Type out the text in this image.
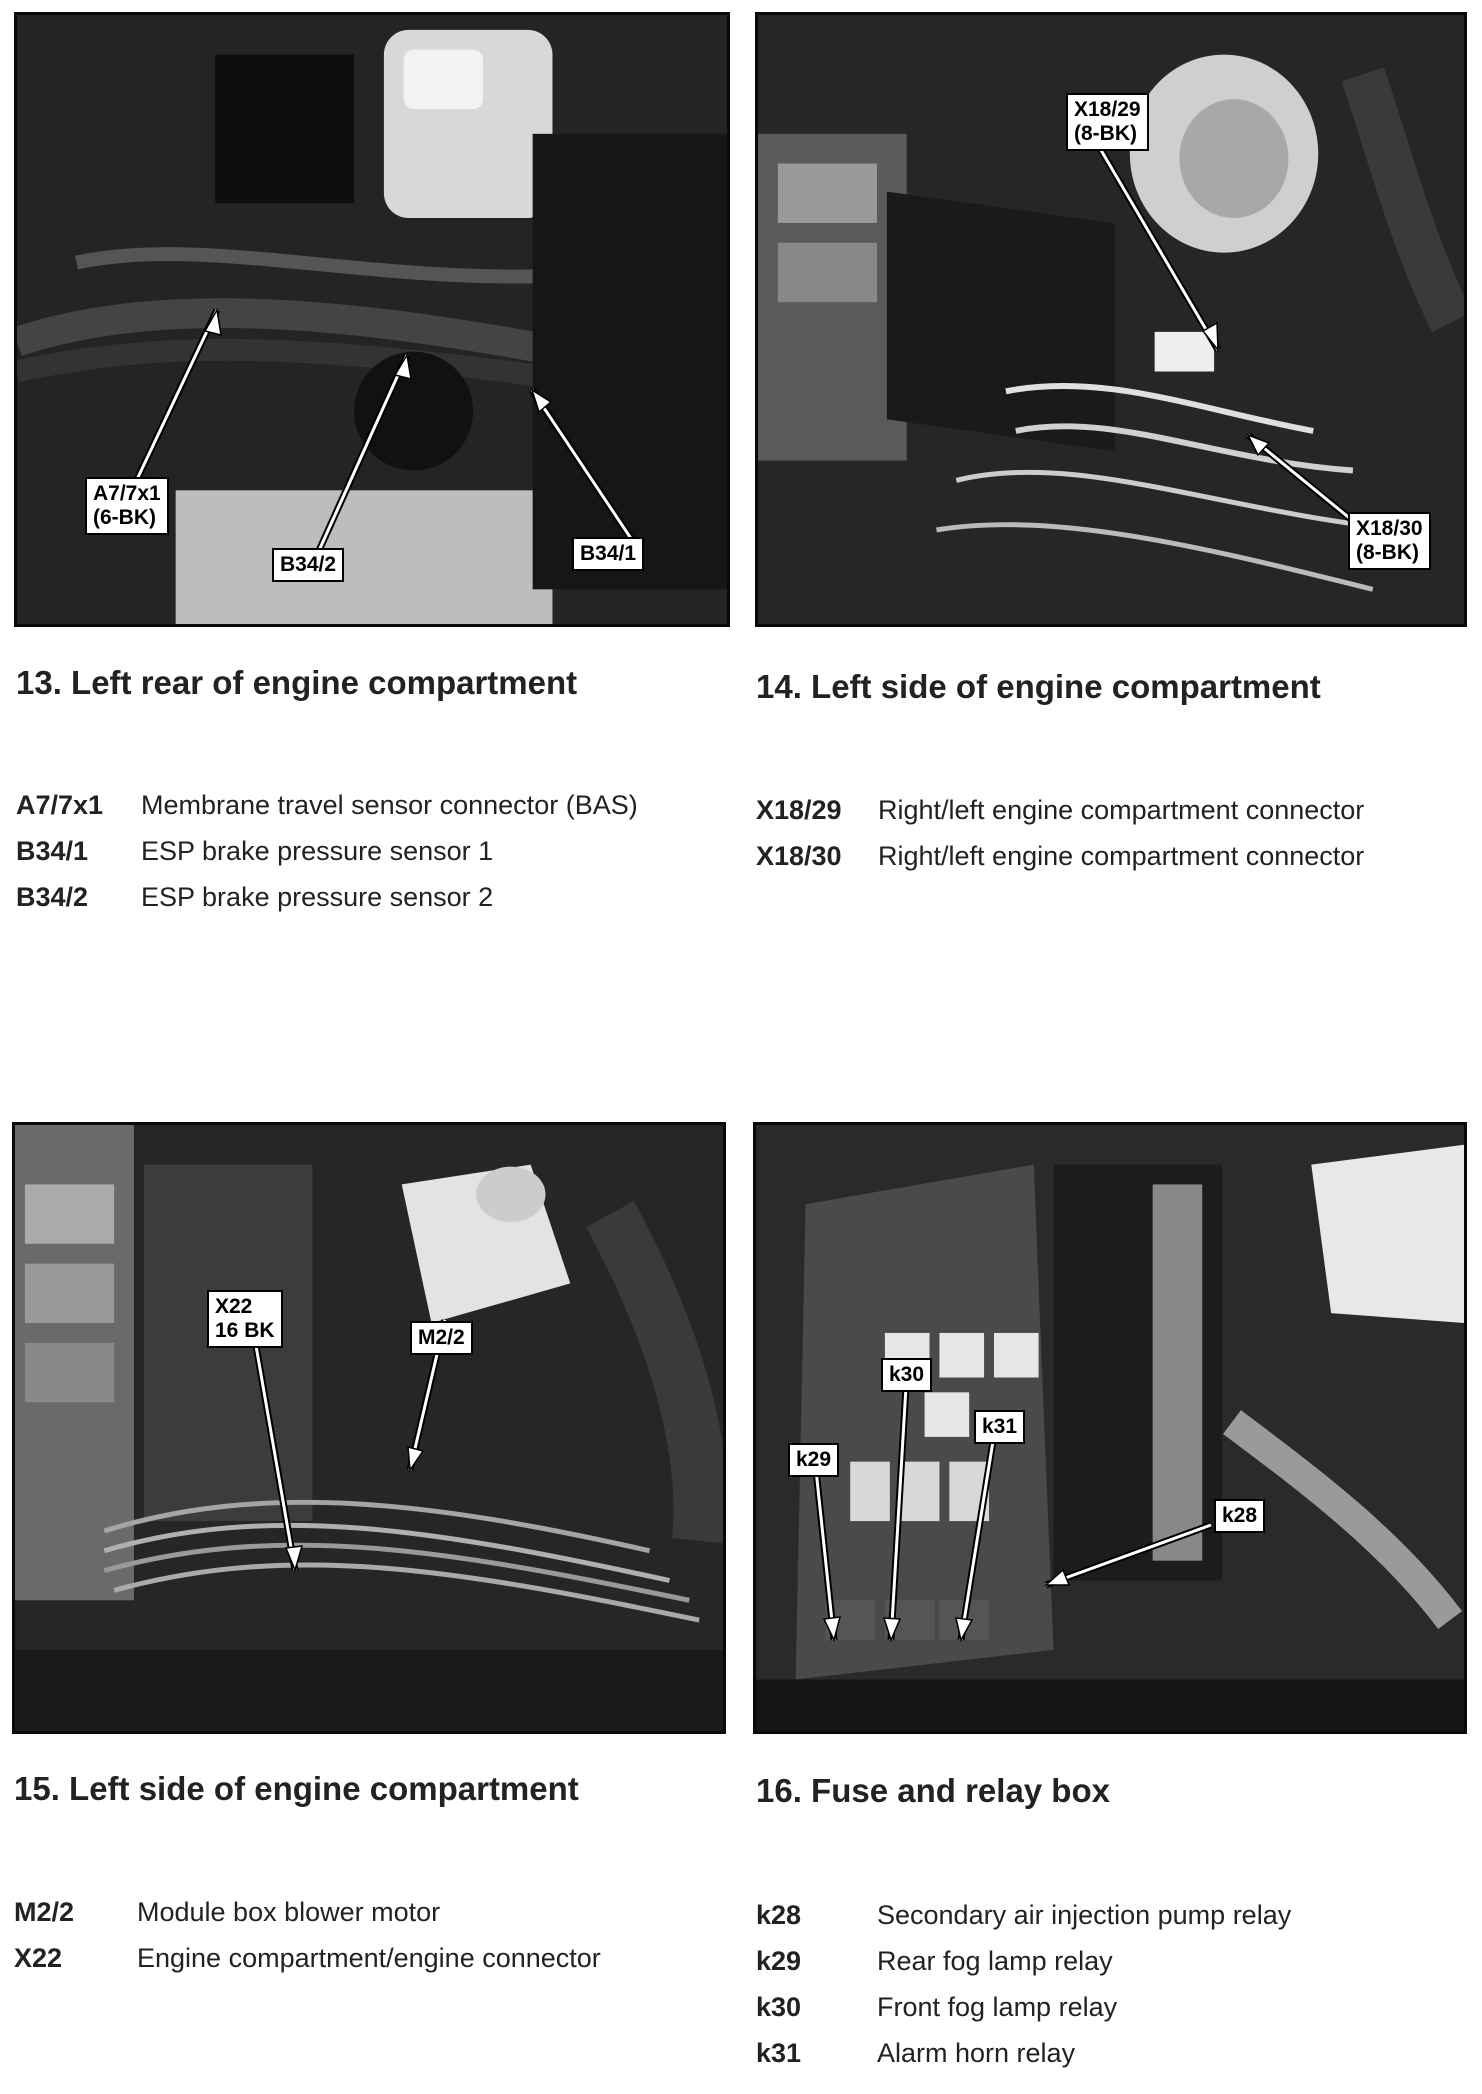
A7/7x1
(6-BK)
B34/2	B34/1
13. Left rear of engine compartment
A7/7x1 Membrane travel sensor connector (BAS)
B34/1 ESP brake pressure sensor 1
B34/2 ESP brake pressure sensor 2
X18/29
(8-BK)
X18/30
(8-BK)
14. Left side of engine compartment
X18/29 Right/left engine compartment connector
X18/30 Right/left engine compartment connector
X22
16 BK	M2/2
15. Left side of engine compartment
M2/2 Module box blower motor
X22	Engine compartment/engine connector
k30
k31
k29
k28
16. Fuse and relay box
k28	Secondary air injection pump relay
k29	Rear fog lamp relay
k30	Front fog lamp relay
k31	Alarm horn relay
